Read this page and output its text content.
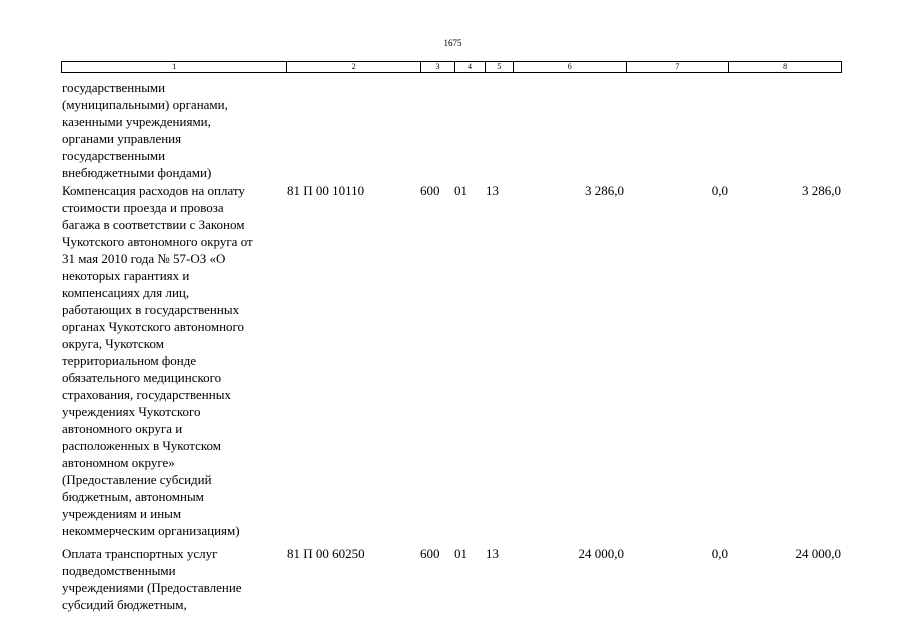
1675
1	2	3	4	5	6	7	8
государственными
(муниципальными) органами,
казенными учреждениями,
органами управления
государственными
внебюджетными фондами)
Компенсация расходов на оплату
стоимости проезда и провоза
багажа в соответствии с Законом
Чукотского автономного округа от
31 мая 2010 года № 57-ОЗ «О
некоторых гарантиях и
компенсациях для лиц,
работающих в государственных
органах Чукотского автономного
округа, Чукотском
территориальном фонде
обязательного медицинского
страхования, государственных
учреждениях Чукотского
автономного округа и
расположенных в Чукотском
автономном округе»
(Предоставление субсидий
бюджетным, автономным
учреждениям и иным
некоммерческим организациям)
81 П 00 10110	600 01 13	3 286,0	0,0	3 286,0
Оплата транспортных услуг
подведомственными
учреждениями (Предоставление
субсидий бюджетным,
81 П 00 60250	600 01 13	24 000,0	0,0	24 000,0
